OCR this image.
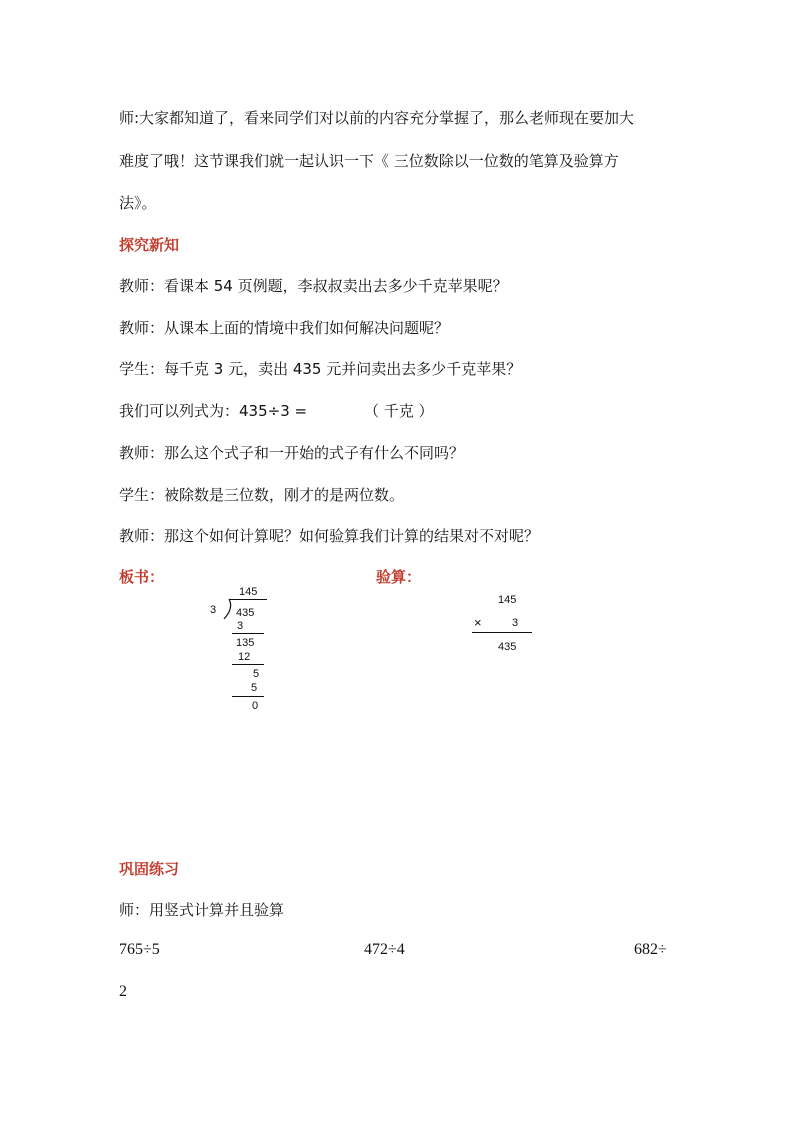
师:大家都知道了，看来同学们对以前的内容充分掌握了，那么老师现在要加大
难度了哦！这节课我们就一起认识一下《 三位数除以一位数的笔算及验算方
法》。
探究新知
教师：看课本 54 页例题，李叔叔卖出去多少千克苹果呢？
教师：从课本上面的情境中我们如何解决问题呢？
学生：每千克 3 元，卖出 435 元并问卖出去多少千克苹果？
我们可以列式为：435÷3 =	（ 千克 ）
教师：那么这个式子和一开始的式子有什么不同吗？
学生：被除数是三位数，刚才的是两位数。
教师：那这个如何计算呢？如何验算我们计算的结果对不对呢？
板书：
145
3 435
3
135
12
5
5
0
验算：
145
×	3
435
巩固练习
师：用竖式计算并且验算
765÷5	472÷4	682÷
2
